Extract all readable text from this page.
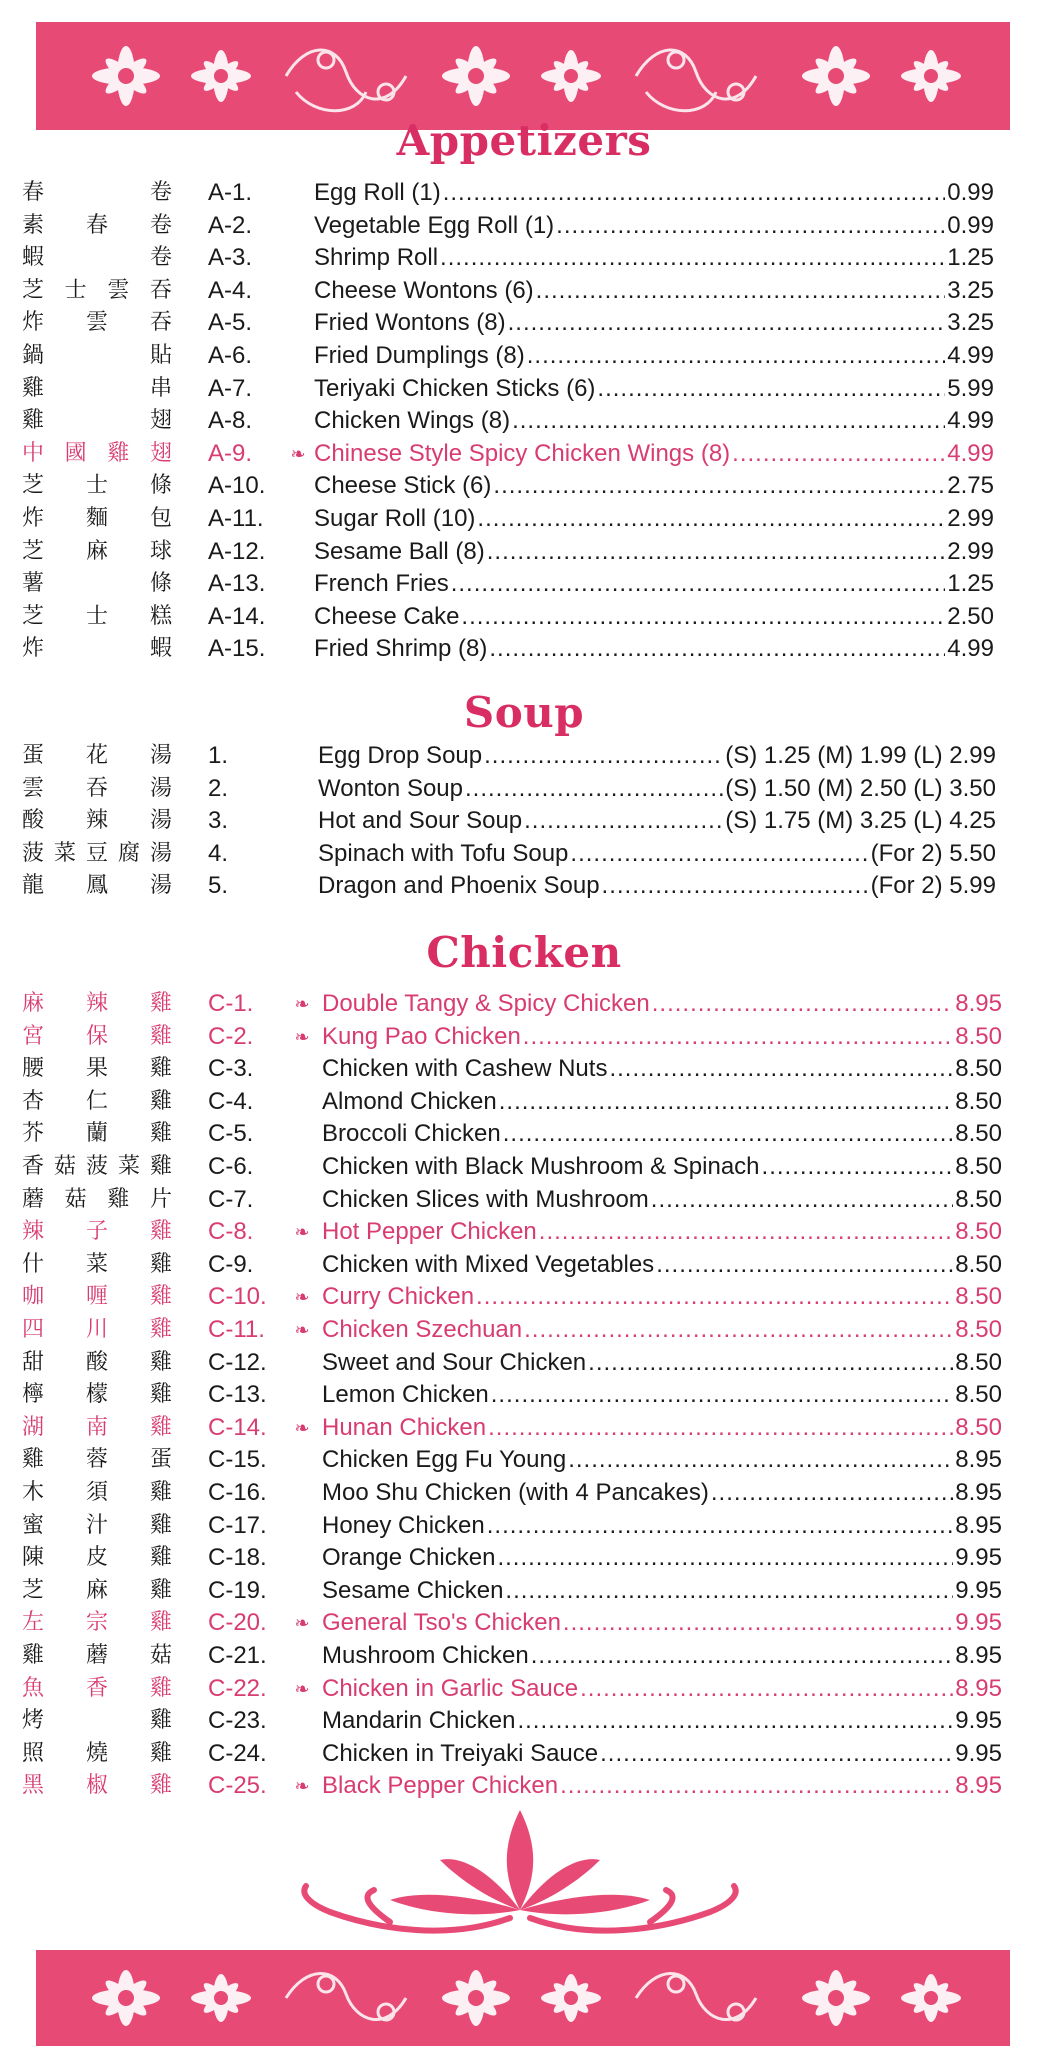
Appetizers
春	卷 A-1.	Egg Roll (1) .....	0.99
素 春 卷 A-2.	Vegetable Egg Roll (1) .....	0.99
蝦	卷 A-3.	Shrimp Roll .....	1.25
芝 士 雲 吞 A-4.	Cheese Wontons (6) .....	3.25
炸 雲 吞 A-5.	Fried Wontons (8) .....	3.25
鍋	貼 A-6.	Fried Dumplings (8) .....	4.99
雞	串 A-7.	Teriyaki Chicken Sticks (6) .....	5.99
雞	翅 A-8.	Chicken Wings (8) .....	4.99
中 國 雞 翅 A-9.	❧ Chinese Style Spicy Chicken Wings (8) .....	4.99
芝 士 條 A-10.	Cheese Stick (6) .....	2.75
炸 麵 包 A-11.	Sugar Roll (10) .....	2.99
芝 麻 球 A-12.	Sesame Ball (8) .....	2.99
薯	條 A-13.	French Fries .....	1.25
芝 士 糕 A-14.	Cheese Cake .....	2.50
炸	蝦 A-15.	Fried Shrimp (8) .....	4.99
Soup
蛋 花 湯 1.	Egg Drop Soup .....	(S) 1.25 (M) 1.99 (L) 2.99
雲 吞 湯 2.	Wonton Soup .....	(S) 1.50 (M) 2.50 (L) 3.50
酸 辣 湯 3.	Hot and Sour Soup .....	(S) 1.75 (M) 3.25 (L) 4.25
菠 菜 豆 腐 湯 4.	Spinach with Tofu Soup .....	(For 2) 5.50
龍 鳳 湯 5.	Dragon and Phoenix Soup .....	(For 2) 5.99
Chicken
麻 辣 雞 C-1.	❧ Double Tangy & Spicy Chicken .....	8.95
宮 保 雞 C-2.	❧ Kung Pao Chicken .....	8.50
腰 果 雞 C-3.	Chicken with Cashew Nuts .....	8.50
杏 仁 雞 C-4.	Almond Chicken .....	8.50
芥 蘭 雞 C-5.	Broccoli Chicken .....	8.50
香 菇 菠 菜 雞 C-6.	Chicken with Black Mushroom & Spinach .....	8.50
蘑 菇 雞 片 C-7.	Chicken Slices with Mushroom .....	8.50
辣 子 雞 C-8.	❧ Hot Pepper Chicken .....	8.50
什 菜 雞 C-9.	Chicken with Mixed Vegetables .....	8.50
咖 喱 雞 C-10.	❧ Curry Chicken .....	8.50
四 川 雞 C-11.	❧ Chicken Szechuan .....	8.50
甜 酸 雞 C-12.	Sweet and Sour Chicken .....	8.50
檸 檬 雞 C-13.	Lemon Chicken .....	8.50
湖 南 雞 C-14.	❧ Hunan Chicken .....	8.50
雞 蓉 蛋 C-15.	Chicken Egg Fu Young .....	8.95
木 須 雞 C-16.	Moo Shu Chicken (with 4 Pancakes) .....	8.95
蜜 汁 雞 C-17.	Honey Chicken .....	8.95
陳 皮 雞 C-18.	Orange Chicken .....	9.95
芝 麻 雞 C-19.	Sesame Chicken .....	9.95
左 宗 雞 C-20.	❧ General Tso's Chicken .....	9.95
雞 蘑 菇 C-21.	Mushroom Chicken .....	8.95
魚 香 雞 C-22.	❧ Chicken in Garlic Sauce .....	8.95
烤	雞 C-23.	Mandarin Chicken .....	9.95
照 燒 雞 C-24.	Chicken in Treiyaki Sauce .....	9.95
黑 椒 雞 C-25.	❧ Black Pepper Chicken .....	8.95
